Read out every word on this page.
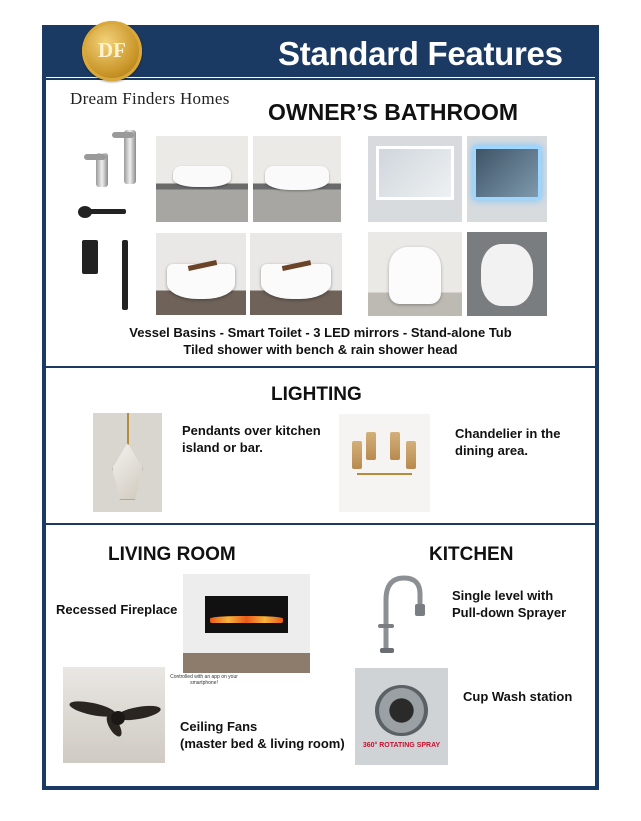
Standard Features
DF
Dream Finders Homes
OWNER’S BATHROOM
Vessel Basins - Smart Toilet - 3 LED mirrors - Stand-alone Tub
Tiled shower with bench & rain shower head
LIGHTING
Pendants over kitchen island or bar.
Chandelier in the dining area.
LIVING ROOM
Recessed Fireplace
Controlled with an app on your smartphone!
Ceiling Fans
(master bed & living room)
KITCHEN
Single level with
Pull-down Sprayer
360° ROTATING SPRAY
Cup Wash station
